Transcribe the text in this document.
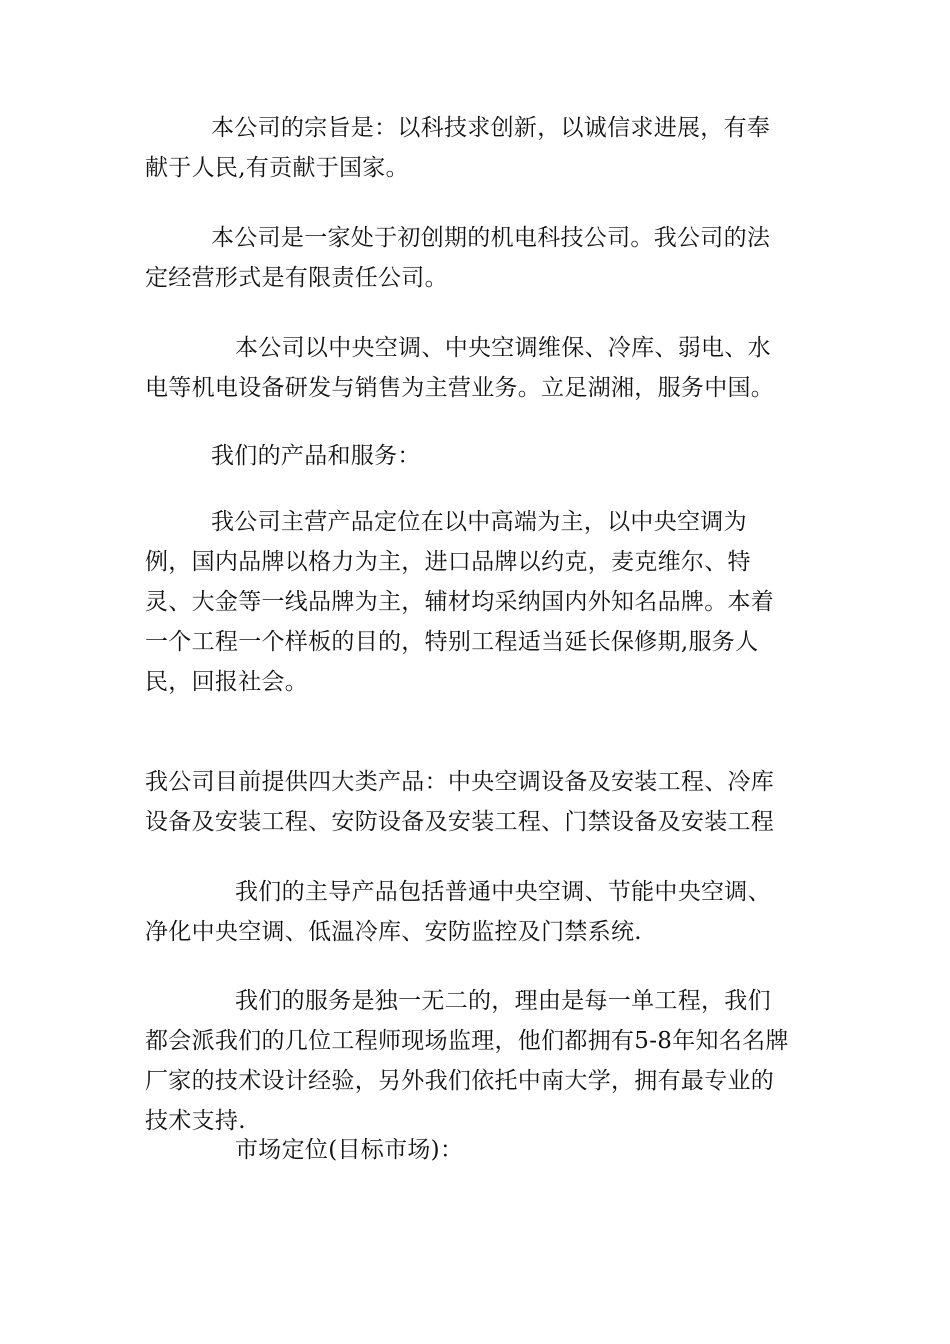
本公司的宗旨是：以科技求创新，以诚信求进展，有奉献于人民,有贡献于国家。

本公司是一家处于初创期的机电科技公司。我公司的法定经营形式是有限责任公司。

本公司以中央空调、中央空调维保、冷库、弱电、水电等机电设备研发与销售为主营业务。立足湖湘，服务中国。

我们的产品和服务：

我公司主营产品定位在以中高端为主，以中央空调为例，国内品牌以格力为主，进口品牌以约克，麦克维尔、特灵、大金等一线品牌为主，辅材均采纳国内外知名品牌。本着一个工程一个样板的目的，特别工程适当延长保修期,服务人民，回报社会。

我公司目前提供四大类产品：中央空调设备及安装工程、冷库设备及安装工程、安防设备及安装工程、门禁设备及安装工程

我们的主导产品包括普通中央空调、节能中央空调、净化中央空调、低温冷库、安防监控及门禁系统.

我们的服务是独一无二的，理由是每一单工程，我们都会派我们的几位工程师现场监理，他们都拥有5-8年知名名牌厂家的技术设计经验，另外我们依托中南大学，拥有最专业的技术支持.

市场定位(目标市场)：
